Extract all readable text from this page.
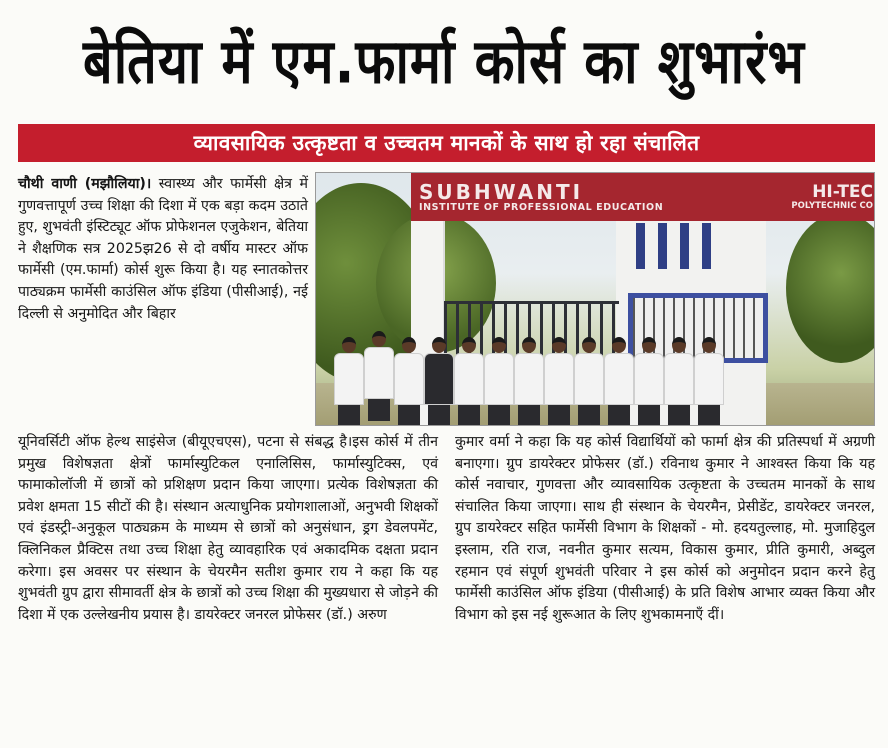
बेतिया में एम.फार्मा कोर्स का शुभारंभ
व्यावसायिक उत्कृष्टता व उच्चतम मानकों के साथ हो रहा संचालित

चौथी वाणी (मझौलिया)। स्वास्थ्य और फार्मेसी क्षेत्र में गुणवत्तापूर्ण उच्च शिक्षा की दिशा में एक बड़ा कदम उठाते हुए, शुभवंती इंस्टिट्यूट ऑफ प्रोफेशनल एजुकेशन, बेतिया ने शैक्षणिक सत्र 2025झ26 से दो वर्षीय मास्टर ऑफ फार्मेसी (एम.फार्मा) कोर्स शुरू किया है। यह स्नातकोत्तर पाठ्यक्रम फार्मेसी काउंसिल ऑफ इंडिया (पीसीआई), नई दिल्ली से अनुमोदित और बिहार

SUBHWANTI
INSTITUTE OF PROFESSIONAL EDUCATION
HI-TEC
POLYTECHNIC CO

यूनिवर्सिटी ऑफ हेल्थ साइंसेज (बीयूएचएस), पटना से संबद्ध है।इस कोर्स में तीन प्रमुख विशेषज्ञता क्षेत्रों फार्मास्युटिकल एनालिसिस, फार्मास्युटिक्स, एवं फामाकोलॉजी में छात्रों को प्रशिक्षण प्रदान किया जाएगा। प्रत्येक विशेषज्ञता की प्रवेश क्षमता 15 सीटों की है। संस्थान अत्याधुनिक प्रयोगशालाओं, अनुभवी शिक्षकों एवं इंडस्ट्री-अनुकूल पाठ्यक्रम के माध्यम से छात्रों को अनुसंधान, ड्रग डेवलपमेंट, क्लिनिकल प्रैक्टिस तथा उच्च शिक्षा हेतु व्यावहारिक एवं अकादमिक दक्षता प्रदान करेगा। इस अवसर पर संस्थान के चेयरमैन सतीश कुमार राय ने कहा कि यह शुभवंती ग्रुप द्वारा सीमावर्ती क्षेत्र के छात्रों को उच्च शिक्षा की मुख्यधारा से जोड़ने की दिशा में एक उल्लेखनीय प्रयास है। डायरेक्टर जनरल प्रोफेसर (डॉ.) अरुण

कुमार वर्मा ने कहा कि यह कोर्स विद्यार्थियों को फार्मा क्षेत्र की प्रतिस्पर्धा में अग्रणी बनाएगा। ग्रुप डायरेक्टर प्रोफेसर (डॉ.) रविनाथ कुमार ने आश्वस्त किया कि यह कोर्स नवाचार, गुणवत्ता और व्यावसायिक उत्कृष्टता के उच्चतम मानकों के साथ संचालित किया जाएगा। साथ ही संस्थान के चेयरमैन, प्रेसीडेंट, डायरेक्टर जनरल, ग्रुप डायरेक्टर सहित फार्मेसी विभाग के शिक्षकों - मो. हदयतुल्लाह, मो. मुजाहिदुल इस्लाम, रति राज, नवनीत कुमार सत्यम, विकास कुमार, प्रीति कुमारी, अब्दुल रहमान एवं संपूर्ण शुभवंती परिवार ने इस कोर्स को अनुमोदन प्रदान करने हेतु फार्मेसी काउंसिल ऑफ इंडिया (पीसीआई) के प्रति विशेष आभार व्यक्त किया और विभाग को इस नई शुरूआत के लिए शुभकामनाएँ दीं।
